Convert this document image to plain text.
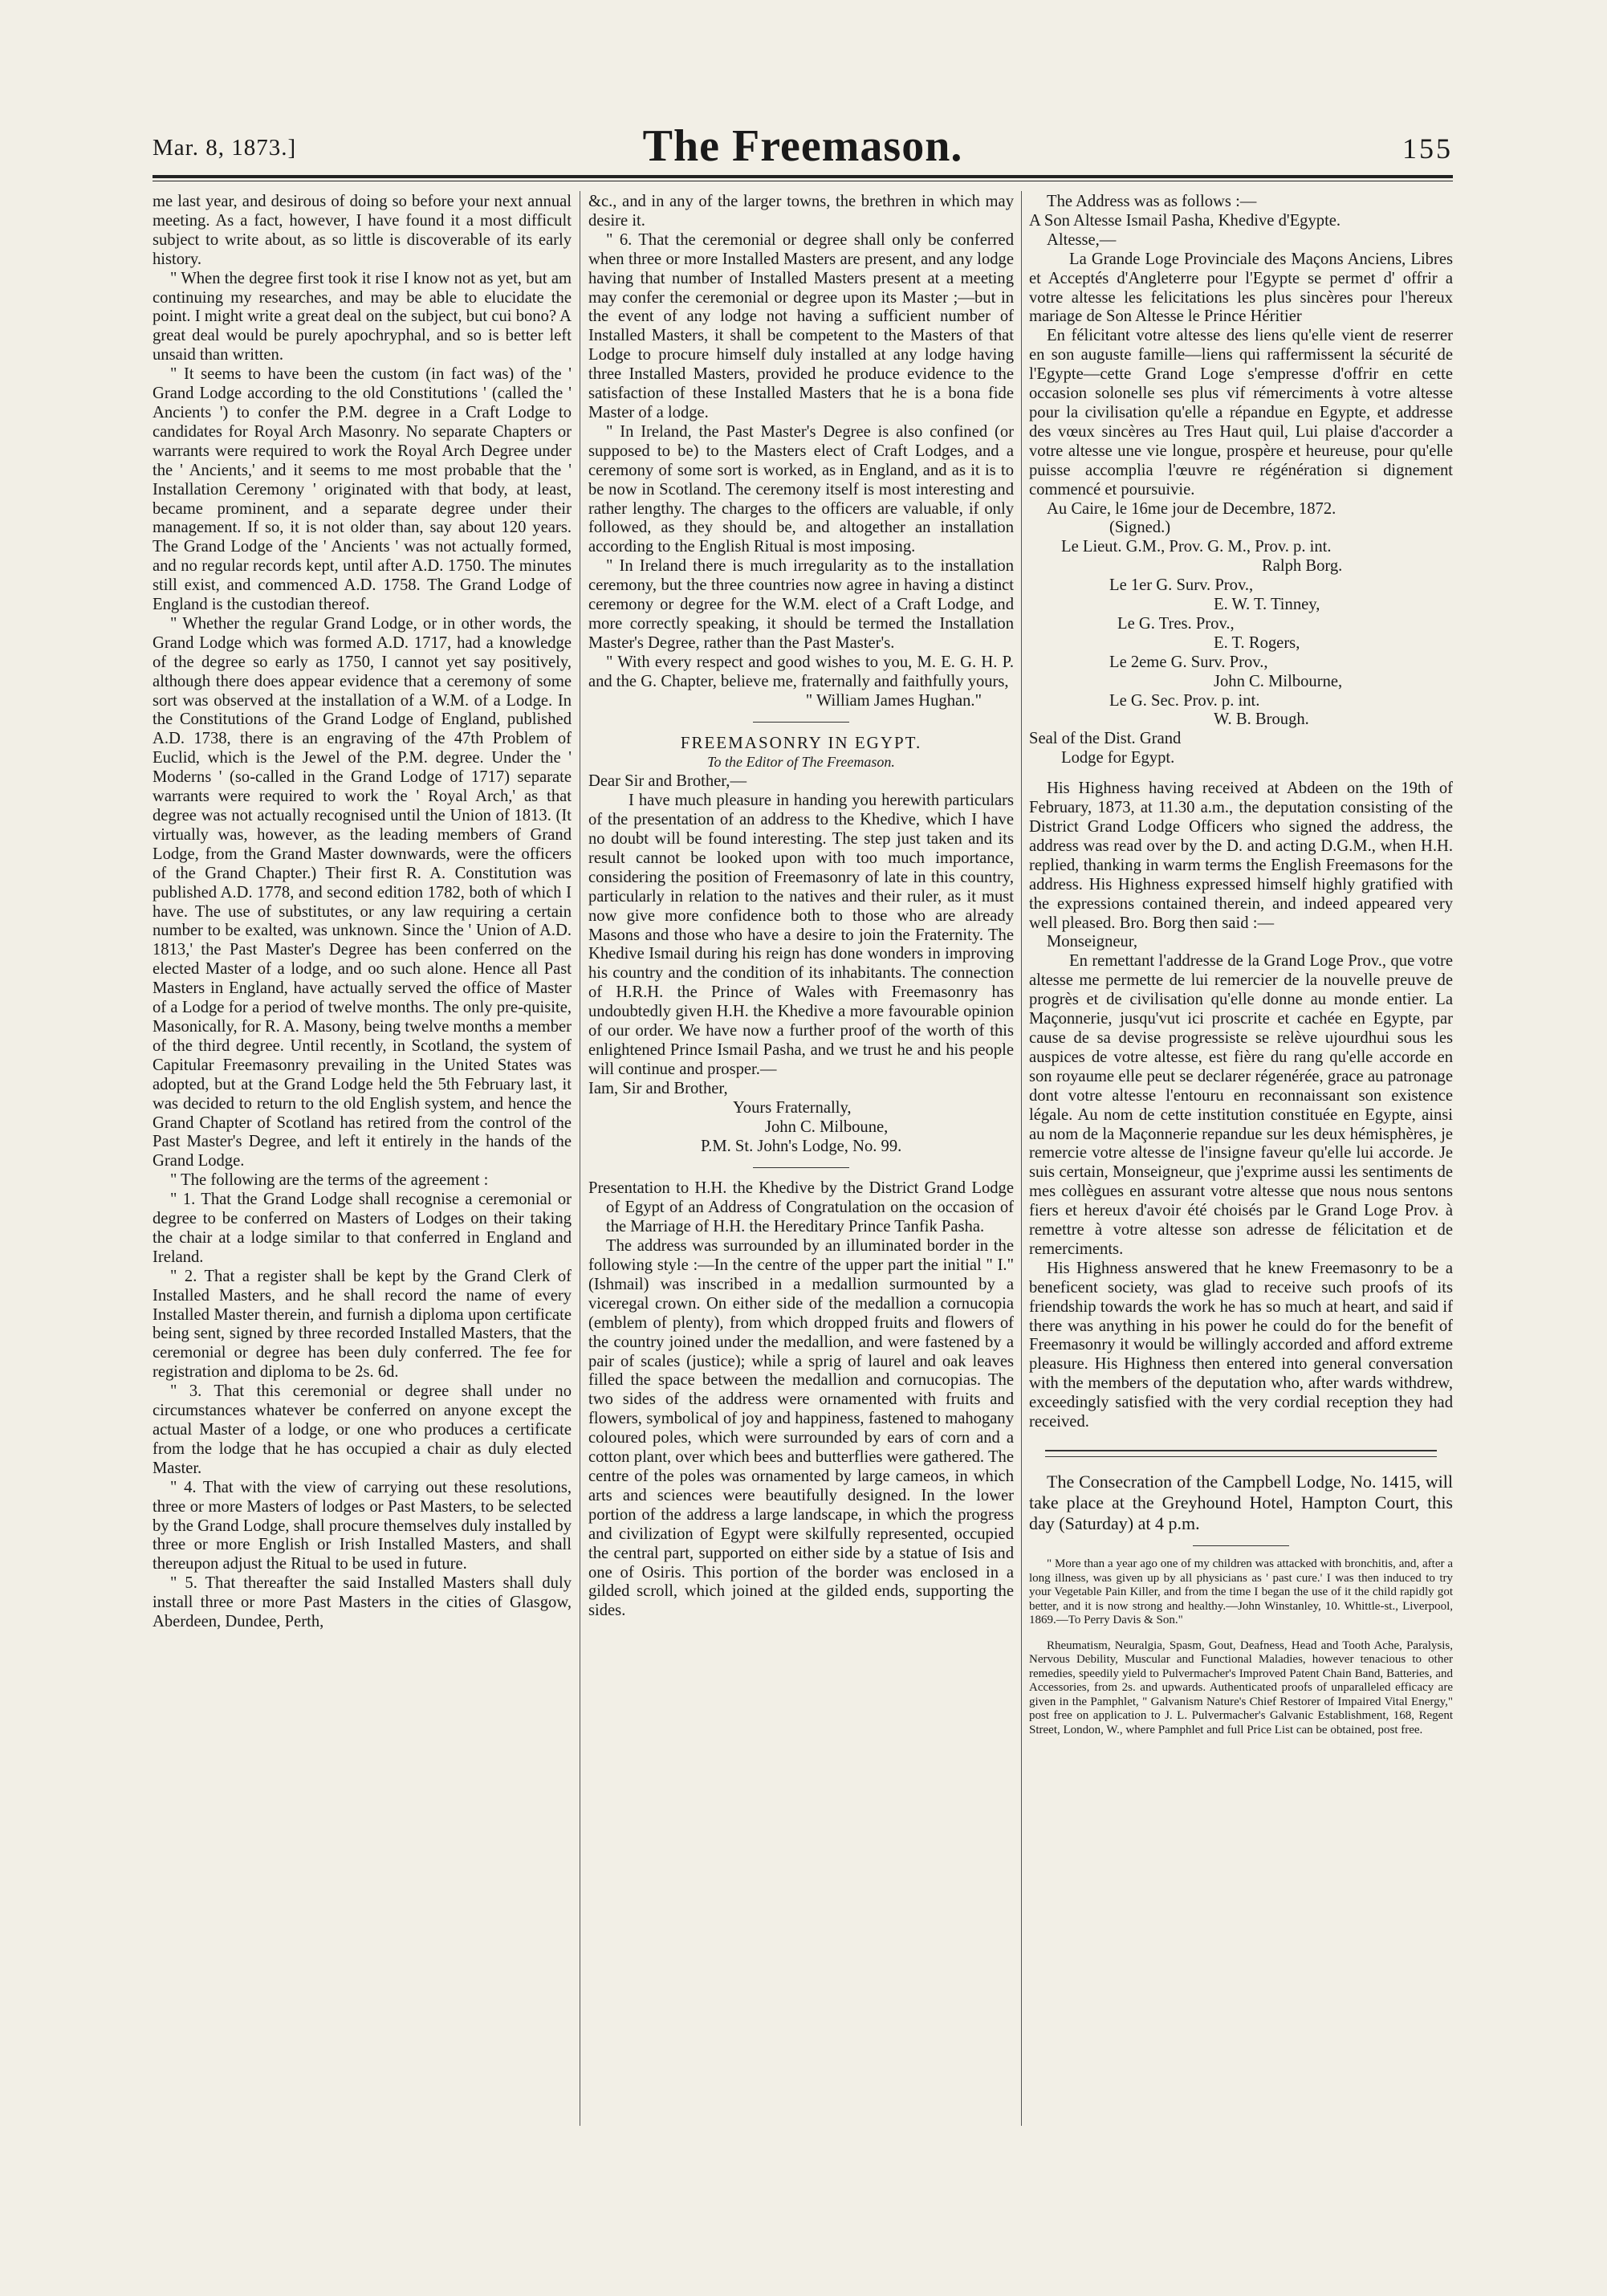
Mar. 8, 1873.]	The Freemason.	155

me last year, and desirous of doing so before your next annual meeting. As a fact, however, I have found it a most difficult subject to write about, as so little is discoverable of its early history.

" When the degree first took it rise I know not as yet, but am continuing my researches, and may be able to elucidate the point. I might write a great deal on the subject, but cui bono? A great deal would be purely apochryphal, and so is better left unsaid than written.

" It seems to have been the custom (in fact was) of the ' Grand Lodge according to the old Constitutions ' (called the ' Ancients ') to confer the P.M. degree in a Craft Lodge to candidates for Royal Arch Masonry. No separate Chapters or warrants were required to work the Royal Arch Degree under the ' Ancients,' and it seems to me most probable that the ' Installation Ceremony ' originated with that body, at least, became prominent, and a separate degree under their management. If so, it is not older than, say about 120 years. The Grand Lodge of the ' Ancients ' was not actually formed, and no regular records kept, until after A.D. 1750. The minutes still exist, and commenced A.D. 1758. The Grand Lodge of England is the custodian thereof.

" Whether the regular Grand Lodge, or in other words, the Grand Lodge which was formed A.D. 1717, had a knowledge of the degree so early as 1750, I cannot yet say positively, although there does appear evidence that a ceremony of some sort was observed at the installation of a W.M. of a Lodge. In the Constitutions of the Grand Lodge of England, published A.D. 1738, there is an engraving of the 47th Problem of Euclid, which is the Jewel of the P.M. degree. Under the ' Moderns ' (so-called in the Grand Lodge of 1717) separate warrants were required to work the ' Royal Arch,' as that degree was not actually recognised until the Union of 1813. (It virtually was, however, as the leading members of Grand Lodge, from the Grand Master downwards, were the officers of the Grand Chapter.) Their first R. A. Constitution was published A.D. 1778, and second edition 1782, both of which I have. The use of substitutes, or any law requiring a certain number to be exalted, was unknown. Since the ' Union of A.D. 1813,' the Past Master's Degree has been conferred on the elected Master of a lodge, and oo such alone. Hence all Past Masters in England, have actually served the office of Master of a Lodge for a period of twelve months. The only pre-quisite, Masonically, for R. A. Masony, being twelve months a member of the third degree. Until recently, in Scotland, the system of Capitular Freemasonry prevailing in the United States was adopted, but at the Grand Lodge held the 5th February last, it was decided to return to the old English system, and hence the Grand Chapter of Scotland has retired from the control of the Past Master's Degree, and left it entirely in the hands of the Grand Lodge.

" The following are the terms of the agreement :

" 1. That the Grand Lodge shall recognise a ceremonial or degree to be conferred on Masters of Lodges on their taking the chair at a lodge similar to that conferred in England and Ireland.

" 2. That a register shall be kept by the Grand Clerk of Installed Masters, and he shall record the name of every Installed Master therein, and furnish a diploma upon certificate being sent, signed by three recorded Installed Masters, that the ceremonial or degree has been duly conferred. The fee for registration and diploma to be 2s. 6d.

" 3. That this ceremonial or degree shall under no circumstances whatever be conferred on anyone except the actual Master of a lodge, or one who produces a certificate from the lodge that he has occupied a chair as duly elected Master.

" 4. That with the view of carrying out these resolutions, three or more Masters of lodges or Past Masters, to be selected by the Grand Lodge, shall procure themselves duly installed by three or more English or Irish Installed Masters, and shall thereupon adjust the Ritual to be used in future.

" 5. That thereafter the said Installed Masters shall duly install three or more Past Masters in the cities of Glasgow, Aberdeen, Dundee, Perth,

&c., and in any of the larger towns, the brethren in which may desire it.

" 6. That the ceremonial or degree shall only be conferred when three or more Installed Masters are present, and any lodge having that number of Installed Masters present at a meeting may confer the ceremonial or degree upon its Master ;—but in the event of any lodge not having a sufficient number of Installed Masters, it shall be competent to the Masters of that Lodge to procure himself duly installed at any lodge having three Installed Masters, provided he produce evidence to the satisfaction of these Installed Masters that he is a bona fide Master of a lodge.

" In Ireland, the Past Master's Degree is also confined (or supposed to be) to the Masters elect of Craft Lodges, and a ceremony of some sort is worked, as in England, and as it is to be now in Scotland. The ceremony itself is most interesting and rather lengthy. The charges to the officers are valuable, if only followed, as they should be, and altogether an installation according to the English Ritual is most imposing.

" In Ireland there is much irregularity as to the installation ceremony, but the three countries now agree in having a distinct ceremony or degree for the W.M. elect of a Craft Lodge, and more correctly speaking, it should be termed the Installation Master's Degree, rather than the Past Master's.

" With every respect and good wishes to you, M. E. G. H. P. and the G. Chapter, believe me, fraternally and faithfully yours,

" William James Hughan."

FREEMASONRY IN EGYPT.

To the Editor of The Freemason.

Dear Sir and Brother,—

I have much pleasure in handing you herewith particulars of the presentation of an address to the Khedive, which I have no doubt will be found interesting. The step just taken and its result cannot be looked upon with too much importance, considering the position of Freemasonry of late in this country, particularly in relation to the natives and their ruler, as it must now give more confidence both to those who are already Masons and those who have a desire to join the Fraternity. The Khedive Ismail during his reign has done wonders in improving his country and the condition of its inhabitants. The connection of H.R.H. the Prince of Wales with Freemasonry has undoubtedly given H.H. the Khedive a more favourable opinion of our order. We have now a further proof of the worth of this enlightened Prince Ismail Pasha, and we trust he and his people will continue and prosper.—

Iam, Sir and Brother,

Yours Fraternally,

John C. Milboune,

P.M. St. John's Lodge, No. 99.

Presentation to H.H. the Khedive by the District Grand Lodge of Egypt of an Address of Congratulation on the occasion of the Marriage of H.H. the Hereditary Prince Tanfik Pasha.

The address was surrounded by an illuminated border in the following style :—In the centre of the upper part the initial " I." (Ishmail) was inscribed in a medallion surmounted by a viceregal crown. On either side of the medallion a cornucopia (emblem of plenty), from which dropped fruits and flowers of the country joined under the medallion, and were fastened by a pair of scales (justice); while a sprig of laurel and oak leaves filled the space between the medallion and cornucopias. The two sides of the address were ornamented with fruits and flowers, symbolical of joy and happiness, fastened to mahogany coloured poles, which were surrounded by ears of corn and a cotton plant, over which bees and butterflies were gathered. The centre of the poles was ornamented by large cameos, in which arts and sciences were beautifully designed. In the lower portion of the address a large landscape, in which the progress and civilization of Egypt were skilfully represented, occupied the central part, supported on either side by a statue of Isis and one of Osiris. This portion of the border was enclosed in a gilded scroll, which joined at the gilded ends, supporting the sides.

The Address was as follows :—

A Son Altesse Ismail Pasha, Khedive d'Egypte.

Altesse,—

La Grande Loge Provinciale des Maçons Anciens, Libres et Acceptés d'Angleterre pour l'Egypte se permet d' offrir a votre altesse les felicitations les plus sincères pour l'hereux mariage de Son Altesse le Prince Héritier

En félicitant votre altesse des liens qu'elle vient de reserrer en son auguste famille—liens qui raffermissent la sécurité de l'Egypte—cette Grand Loge s'empresse d'offrir en cette occasion solonelle ses plus vif rémerciments à votre altesse pour la civilisation qu'elle a répandue en Egypte, et addresse des vœux sincères au Tres Haut quil, Lui plaise d'accorder a votre altesse une vie longue, prospère et heureuse, pour qu'elle puisse accomplia l'œuvre re régénération si dignement commencé et poursuivie.

Au Caire, le 16me jour de Decembre, 1872.

(Signed.)

Le Lieut. G.M., Prov. G. M., Prov. p. int.

Ralph Borg.

Le 1er G. Surv. Prov.,

E. W. T. Tinney,

Le G. Tres. Prov.,

E. T. Rogers,

Le 2eme G. Surv. Prov.,

John C. Milbourne,

Le G. Sec. Prov. p. int.

W. B. Brough.

Seal of the Dist. Grand

Lodge for Egypt.

His Highness having received at Abdeen on the 19th of February, 1873, at 11.30 a.m., the deputation consisting of the District Grand Lodge Officers who signed the address, the address was read over by the D. and acting D.G.M., when H.H. replied, thanking in warm terms the English Freemasons for the address. His Highness expressed himself highly gratified with the expressions contained therein, and indeed appeared very well pleased. Bro. Borg then said :—

Monseigneur,

En remettant l'addresse de la Grand Loge Prov., que votre altesse me permette de lui remercier de la nouvelle preuve de progrès et de civilisation qu'elle donne au monde entier. La Maçonnerie, jusqu'vut ici proscrite et cachée en Egypte, par cause de sa devise progressiste se relève ujourdhui sous les auspices de votre altesse, est fière du rang qu'elle accorde en son royaume elle peut se declarer régenérée, grace au patronage dont votre altesse l'entouru en reconnaissant son existence légale. Au nom de cette institution constituée en Egypte, ainsi au nom de la Maçonnerie repandue sur les deux hémisphères, je remercie votre altesse de l'insigne faveur qu'elle lui accorde. Je suis certain, Monseigneur, que j'exprime aussi les sentiments de mes collègues en assurant votre altesse que nous nous sentons fiers et hereux d'avoir été choisés par le Grand Loge Prov. à remettre à votre altesse son adresse de félicitation et de remerciments.

His Highness answered that he knew Freemasonry to be a beneficent society, was glad to receive such proofs of its friendship towards the work he has so much at heart, and said if there was anything in his power he could do for the benefit of Freemasonry it would be willingly accorded and afford extreme pleasure. His Highness then entered into general conversation with the members of the deputation who, after wards withdrew, exceedingly satisfied with the very cordial reception they had received.

The Consecration of the Campbell Lodge, No. 1415, will take place at the Greyhound Hotel, Hampton Court, this day (Saturday) at 4 p.m.

" More than a year ago one of my children was attacked with bronchitis, and, after a long illness, was given up by all physicians as ' past cure.' I was then induced to try your Vegetable Pain Killer, and from the time I began the use of it the child rapidly got better, and it is now strong and healthy.—John Winstanley, 10. Whittle-st., Liverpool, 1869.—To Perry Davis & Son."

Rheumatism, Neuralgia, Spasm, Gout, Deafness, Head and Tooth Ache, Paralysis, Nervous Debility, Muscular and Functional Maladies, however tenacious to other remedies, speedily yield to Pulvermacher's Improved Patent Chain Band, Batteries, and Accessories, from 2s. and upwards. Authenticated proofs of unparalleled efficacy are given in the Pamphlet, " Galvanism Nature's Chief Restorer of Impaired Vital Energy," post free on application to J. L. Pulvermacher's Galvanic Establishment, 168, Regent Street, London, W., where Pamphlet and full Price List can be obtained, post free.
